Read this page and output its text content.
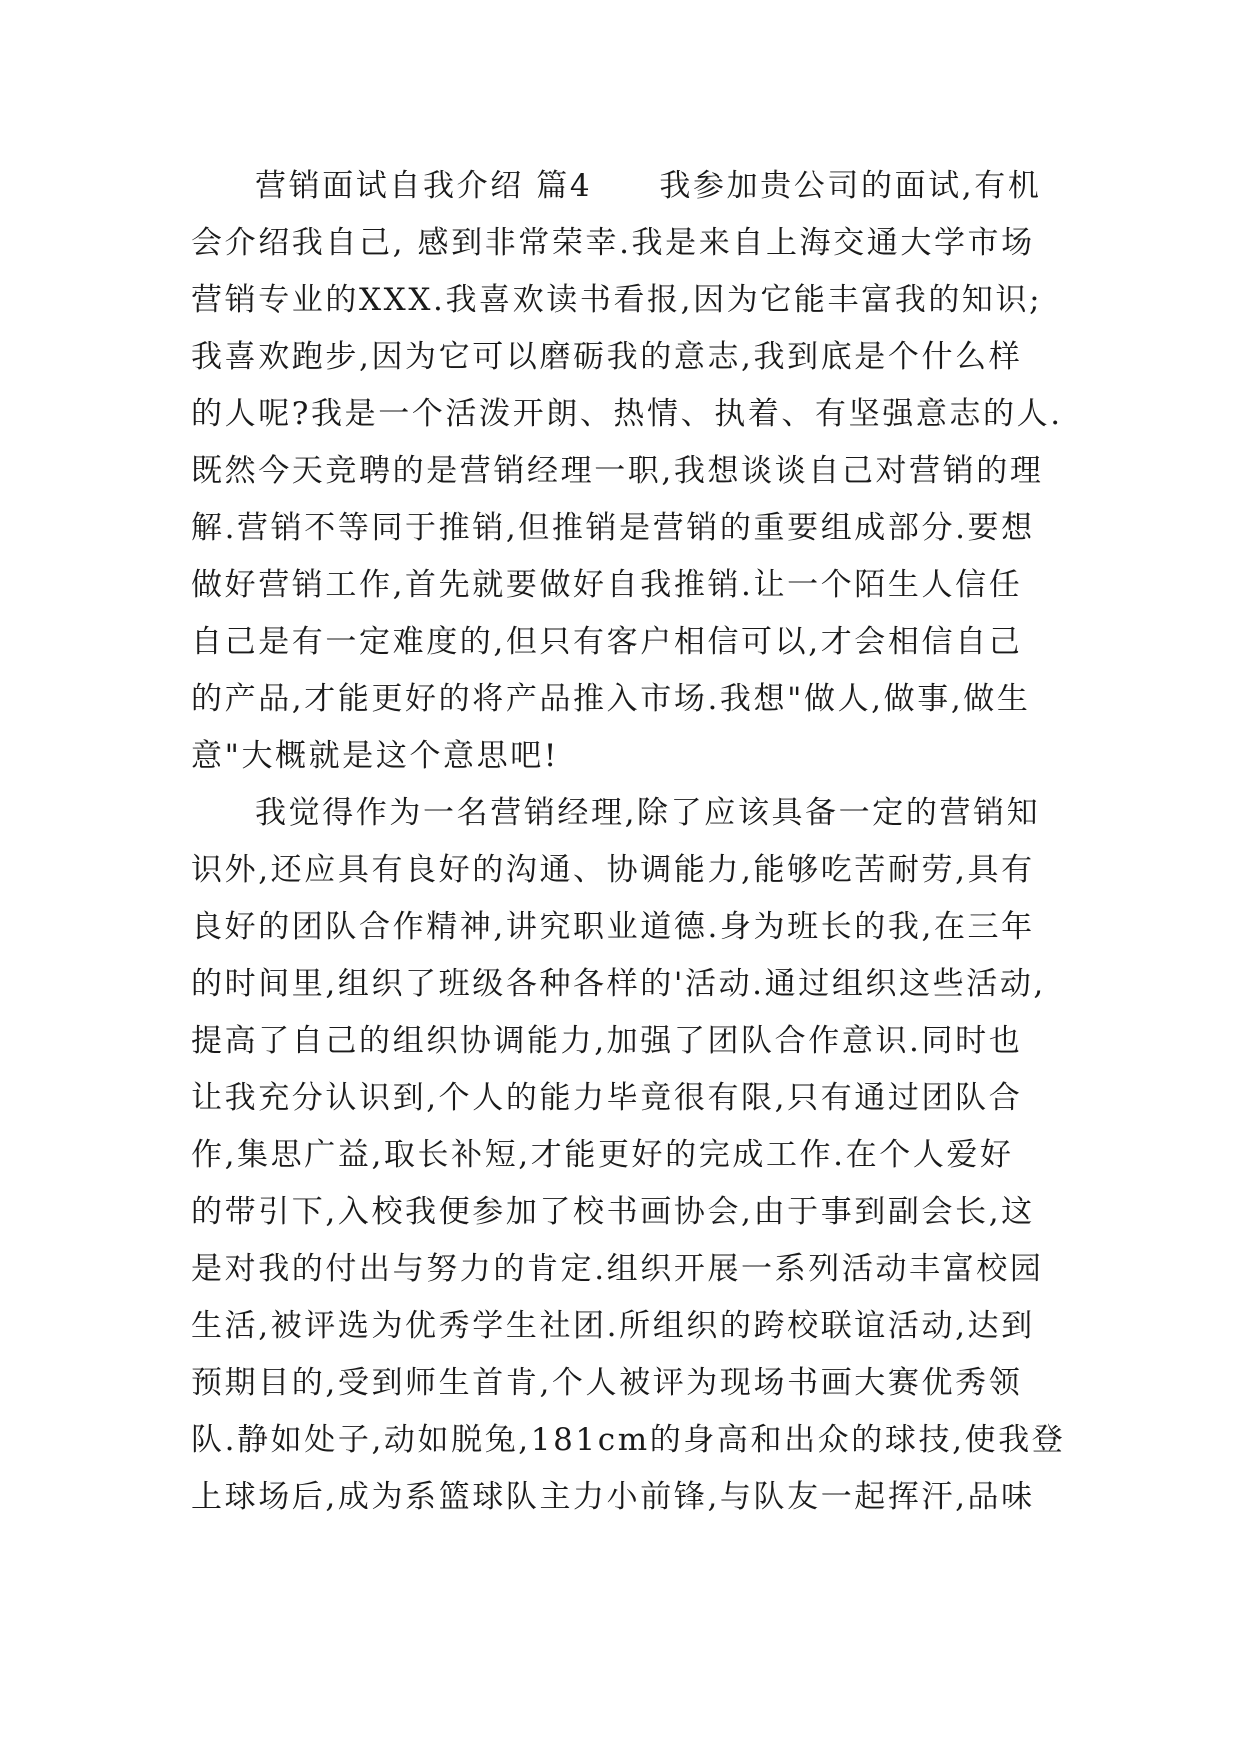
营销面试自我介绍 篇4　　我参加贵公司的面试,有机
会介绍我自己, 感到非常荣幸.我是来自上海交通大学市场
营销专业的XXX.我喜欢读书看报,因为它能丰富我的知识;
我喜欢跑步,因为它可以磨砺我的意志,我到底是个什么样
的人呢?我是一个活泼开朗、热情、执着、有坚强意志的人.
既然今天竞聘的是营销经理一职,我想谈谈自己对营销的理
解.营销不等同于推销,但推销是营销的重要组成部分.要想
做好营销工作,首先就要做好自我推销.让一个陌生人信任
自己是有一定难度的,但只有客户相信可以,才会相信自己
的产品,才能更好的将产品推入市场.我想"做人,做事,做生
意"大概就是这个意思吧!
我觉得作为一名营销经理,除了应该具备一定的营销知
识外,还应具有良好的沟通、协调能力,能够吃苦耐劳,具有
良好的团队合作精神,讲究职业道德.身为班长的我,在三年
的时间里,组织了班级各种各样的'活动.通过组织这些活动,
提高了自己的组织协调能力,加强了团队合作意识.同时也
让我充分认识到,个人的能力毕竟很有限,只有通过团队合
作,集思广益,取长补短,才能更好的完成工作.在个人爱好
的带引下,入校我便参加了校书画协会,由于事到副会长,这
是对我的付出与努力的肯定.组织开展一系列活动丰富校园
生活,被评选为优秀学生社团.所组织的跨校联谊活动,达到
预期目的,受到师生首肯,个人被评为现场书画大赛优秀领
队.静如处子,动如脱兔,181cm的身高和出众的球技,使我登
上球场后,成为系篮球队主力小前锋,与队友一起挥汗,品味
